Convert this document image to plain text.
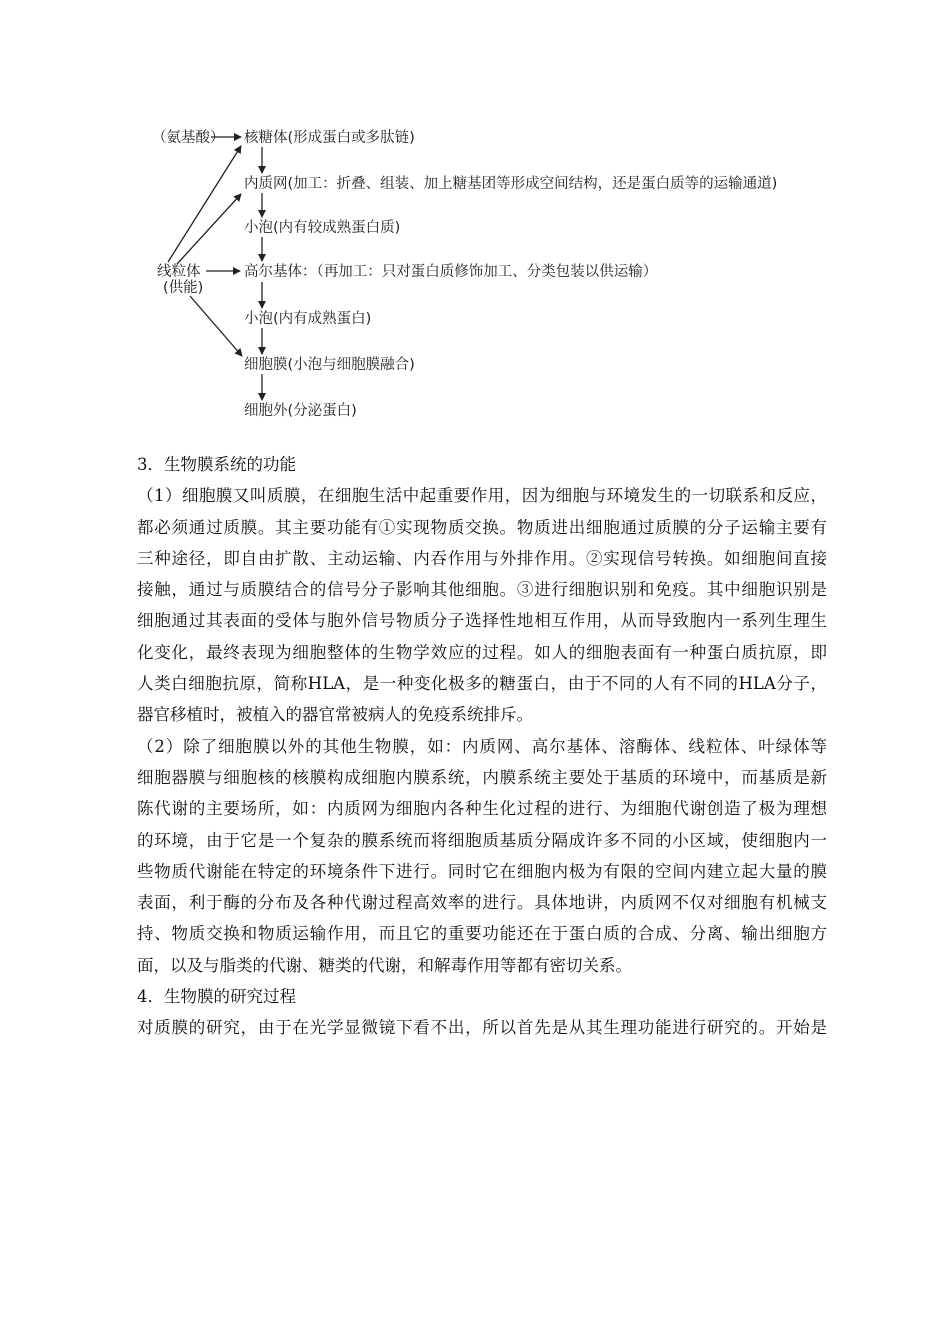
（氨基酸） 核糖体(形成蛋白或多肽链)
内质网(加工：折叠、组装、加上糖基团等形成空间结构，还是蛋白质等的运输通道)
小泡(内有较成熟蛋白质)
线粒体
(供能)
高尔基体：（再加工：只对蛋白质修饰加工、分类包装以供运输）
小泡(内有成熟蛋白)
细胞膜(小泡与细胞膜融合)
细胞外(分泌蛋白)
3．生物膜系统的功能
（1）细胞膜又叫质膜，在细胞生活中起重要作用，因为细胞与环境发生的一切联系和反应，
都必须通过质膜。其主要功能有①实现物质交换。物质进出细胞通过质膜的分子运输主要有
三种途径，即自由扩散、主动运输、内吞作用与外排作用。②实现信号转换。如细胞间直接
接触，通过与质膜结合的信号分子影响其他细胞。③进行细胞识别和免疫。其中细胞识别是
细胞通过其表面的受体与胞外信号物质分子选择性地相互作用，从而导致胞内一系列生理生
化变化，最终表现为细胞整体的生物学效应的过程。如人的细胞表面有一种蛋白质抗原，即
人类白细胞抗原，简称HLA，是一种变化极多的糖蛋白，由于不同的人有不同的HLA分子，
器官移植时，被植入的器官常被病人的免疫系统排斥。
（2）除了细胞膜以外的其他生物膜，如：内质网、高尔基体、溶酶体、线粒体、叶绿体等
细胞器膜与细胞核的核膜构成细胞内膜系统，内膜系统主要处于基质的环境中，而基质是新
陈代谢的主要场所，如：内质网为细胞内各种生化过程的进行、为细胞代谢创造了极为理想
的环境，由于它是一个复杂的膜系统而将细胞质基质分隔成许多不同的小区域，使细胞内一
些物质代谢能在特定的环境条件下进行。同时它在细胞内极为有限的空间内建立起大量的膜
表面，利于酶的分布及各种代谢过程高效率的进行。具体地讲，内质网不仅对细胞有机械支
持、物质交换和物质运输作用，而且它的重要功能还在于蛋白质的合成、分离、输出细胞方
面，以及与脂类的代谢、糖类的代谢，和解毒作用等都有密切关系。
4．生物膜的研究过程
对质膜的研究，由于在光学显微镜下看不出，所以首先是从其生理功能进行研究的。开始是
